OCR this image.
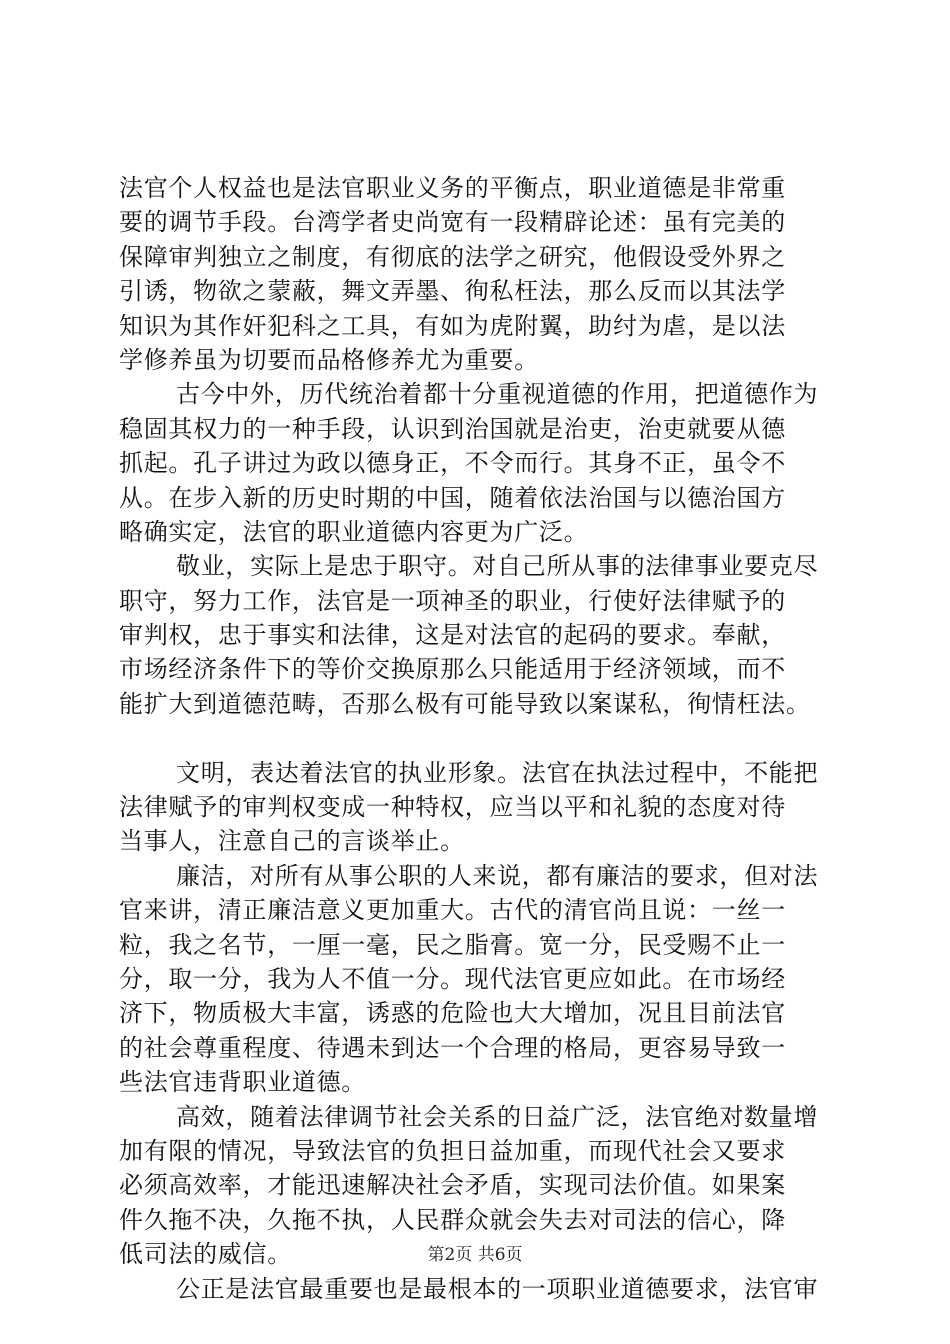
法官个人权益也是法官职业义务的平衡点，职业道德是非常重
要的调节手段。台湾学者史尚宽有一段精辟论述：虽有完美的
保障审判独立之制度，有彻底的法学之研究，他假设受外界之
引诱，物欲之蒙蔽，舞文弄墨、徇私枉法，那么反而以其法学
知识为其作奸犯科之工具，有如为虎附翼，助纣为虐，是以法
学修养虽为切要而品格修养尤为重要。
古今中外，历代统治着都十分重视道德的作用，把道德作为
稳固其权力的一种手段，认识到治国就是治吏，治吏就要从德
抓起。孔子讲过为政以德身正，不令而行。其身不正，虽令不
从。在步入新的历史时期的中国，随着依法治国与以德治国方
略确实定，法官的职业道德内容更为广泛。
敬业，实际上是忠于职守。对自己所从事的法律事业要克尽
职守，努力工作，法官是一项神圣的职业，行使好法律赋予的
审判权，忠于事实和法律，这是对法官的起码的要求。奉献，
市场经济条件下的等价交换原那么只能适用于经济领域，而不
能扩大到道德范畴，否那么极有可能导致以案谋私，徇情枉法。
文明，表达着法官的执业形象。法官在执法过程中，不能把
法律赋予的审判权变成一种特权，应当以平和礼貌的态度对待
当事人，注意自己的言谈举止。
廉洁，对所有从事公职的人来说，都有廉洁的要求，但对法
官来讲，清正廉洁意义更加重大。古代的清官尚且说：一丝一
粒，我之名节，一厘一毫，民之脂膏。宽一分，民受赐不止一
分，取一分，我为人不值一分。现代法官更应如此。在市场经
济下，物质极大丰富，诱惑的危险也大大增加，况且目前法官
的社会尊重程度、待遇未到达一个合理的格局，更容易导致一
些法官违背职业道德。
高效，随着法律调节社会关系的日益广泛，法官绝对数量增
加有限的情况，导致法官的负担日益加重，而现代社会又要求
必须高效率，才能迅速解决社会矛盾，实现司法价值。如果案
件久拖不决，久拖不执，人民群众就会失去对司法的信心，降
低司法的威信。
公正是法官最重要也是最根本的一项职业道德要求，法官审
第2页 共6页
